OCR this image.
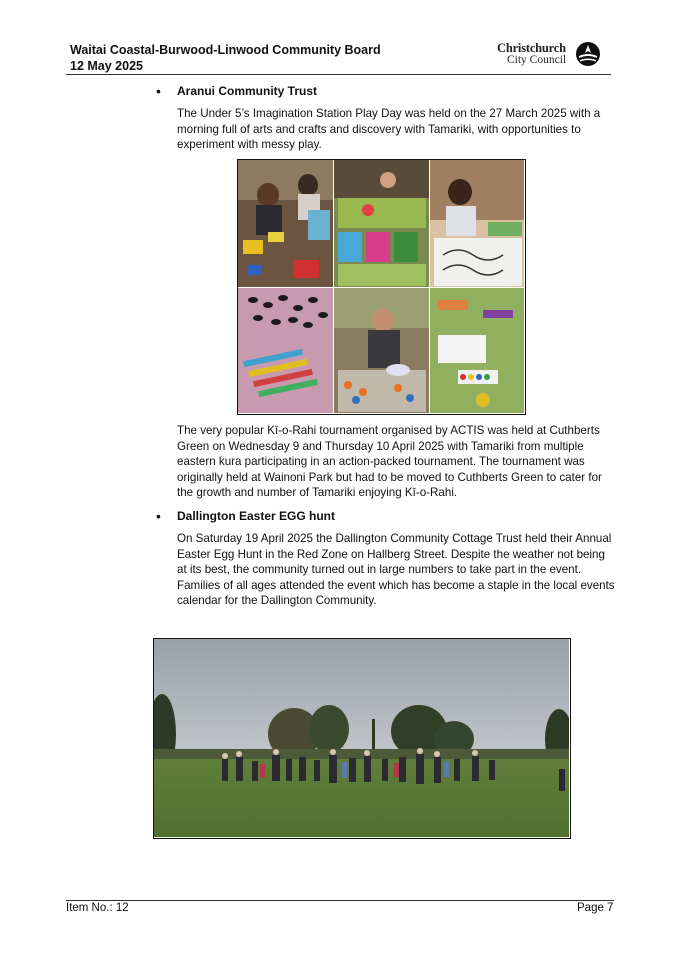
Waitai Coastal-Burwood-Linwood Community Board
12 May 2025
Christchurch
City Council
• Aranui Community Trust
The Under 5’s Imagination Station Play Day was held on the 27 March 2025 with a morning full of arts and crafts and discovery with Tamariki, with opportunities to experiment with messy play.
The very popular Kī-o-Rahi tournament organised by ACTIS was held at Cuthberts Green on Wednesday 9 and Thursday 10 April 2025 with Tamariki from multiple eastern kura participating in an action-packed tournament. The tournament was originally held at Wainoni Park but had to be moved to Cuthberts Green to cater for the growth and number of Tamariki enjoying Kī-o-Rahi.
• Dallington Easter EGG hunt
On Saturday 19 April 2025 the Dallington Community Cottage Trust held their Annual Easter Egg Hunt in the Red Zone on Hallberg Street. Despite the weather not being at its best, the community turned out in large numbers to take part in the event. Families of all ages attended the event which has become a staple in the local events calendar for the Dallington Community.
Item No.: 12	Page 7
